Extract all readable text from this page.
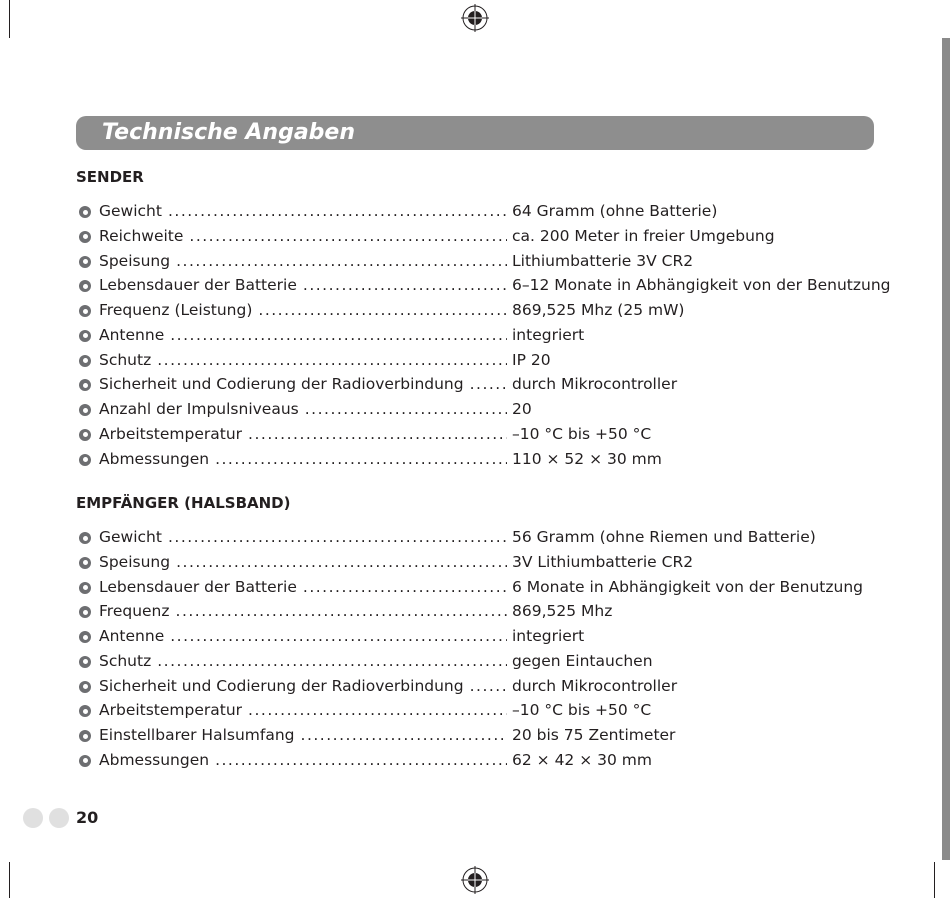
Technische Angaben
SENDER
Gewicht .....	64 Gramm (ohne Batterie)
Reichweite .....	ca. 200 Meter in freier Umgebung
Speisung .....	Lithiumbatterie 3V CR2
Lebensdauer der Batterie .....	6–12 Monate in Abhängigkeit von der Benutzung
Frequenz (Leistung) .....	869,525 Mhz (25 mW)
Antenne .....	integriert
Schutz .....	IP 20
Sicherheit und Codierung der Radioverbindung .....	durch Mikrocontroller
Anzahl der Impulsniveaus .....	20
Arbeitstemperatur .....	–10 °C bis +50 °C
Abmessungen .....	110 × 52 × 30 mm
EMPFÄNGER (HALSBAND)
Gewicht .....	56 Gramm (ohne Riemen und Batterie)
Speisung .....	3V Lithiumbatterie CR2
Lebensdauer der Batterie .....	6 Monate in Abhängigkeit von der Benutzung
Frequenz .....	869,525 Mhz
Antenne .....	integriert
Schutz .....	gegen Eintauchen
Sicherheit und Codierung der Radioverbindung .....	durch Mikrocontroller
Arbeitstemperatur .....	–10 °C bis +50 °C
Einstellbarer Halsumfang .....	20 bis 75 Zentimeter
Abmessungen .....	62 × 42 × 30 mm
20
